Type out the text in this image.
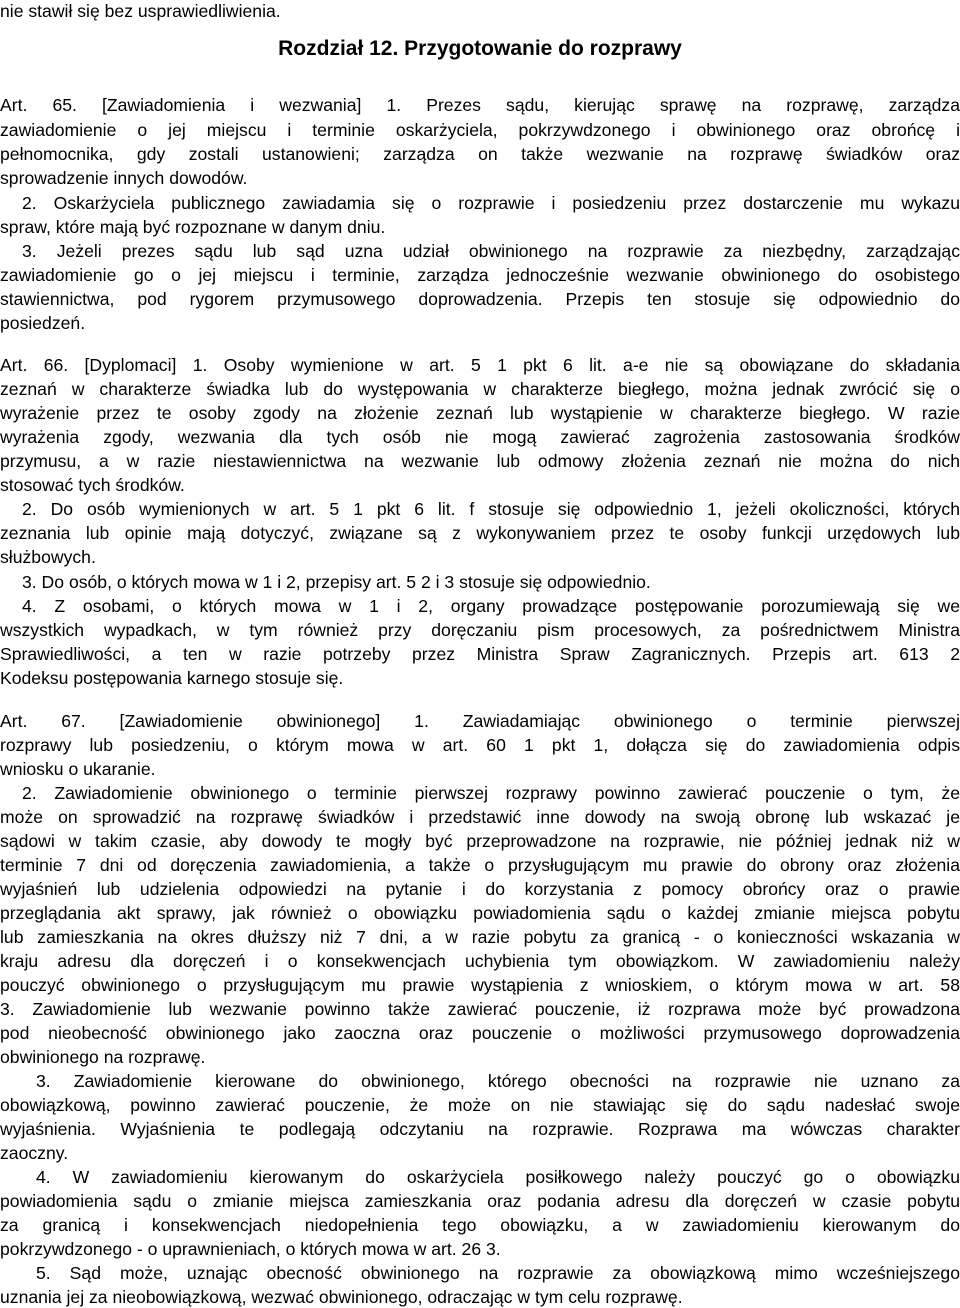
nie stawił się bez usprawiedliwienia.
Rozdział 12. Przygotowanie do rozprawy
Art. 65. [Zawiadomienia i wezwania] 1. Prezes sądu, kierując sprawę na rozprawę, zarządza
zawiadomienie o jej miejscu i terminie oskarżyciela, pokrzywdzonego i obwinionego oraz obrońcę i
pełnomocnika, gdy zostali ustanowieni; zarządza on także wezwanie na rozprawę świadków oraz
sprowadzenie innych dowodów.
2. Oskarżyciela publicznego zawiadamia się o rozprawie i posiedzeniu przez dostarczenie mu wykazu
spraw, które mają być rozpoznane w danym dniu.
3. Jeżeli prezes sądu lub sąd uzna udział obwinionego na rozprawie za niezbędny, zarządzając
zawiadomienie go o jej miejscu i terminie, zarządza jednocześnie wezwanie obwinionego do osobistego
stawiennictwa, pod rygorem przymusowego doprowadzenia. Przepis ten stosuje się odpowiednio do
posiedzeń.
Art. 66. [Dyplomaci] 1. Osoby wymienione w art. 5 1 pkt 6 lit. a-e nie są obowiązane do składania
zeznań w charakterze świadka lub do występowania w charakterze biegłego, można jednak zwrócić się o
wyrażenie przez te osoby zgody na złożenie zeznań lub wystąpienie w charakterze biegłego. W razie
wyrażenia zgody, wezwania dla tych osób nie mogą zawierać zagrożenia zastosowania środków
przymusu, a w razie niestawiennictwa na wezwanie lub odmowy złożenia zeznań nie można do nich
stosować tych środków.
2. Do osób wymienionych w art. 5 1 pkt 6 lit. f stosuje się odpowiednio 1, jeżeli okoliczności, których
zeznania lub opinie mają dotyczyć, związane są z wykonywaniem przez te osoby funkcji urzędowych lub
służbowych.
3. Do osób, o których mowa w 1 i 2, przepisy art. 5 2 i 3 stosuje się odpowiednio.
4. Z osobami, o których mowa w 1 i 2, organy prowadzące postępowanie porozumiewają się we
wszystkich wypadkach, w tym również przy doręczaniu pism procesowych, za pośrednictwem Ministra
Sprawiedliwości, a ten w razie potrzeby przez Ministra Spraw Zagranicznych. Przepis art. 613 2
Kodeksu postępowania karnego stosuje się.
Art. 67. [Zawiadomienie obwinionego] 1. Zawiadamiając obwinionego o terminie pierwszej
rozprawy lub posiedzeniu, o którym mowa w art. 60 1 pkt 1, dołącza się do zawiadomienia odpis
wniosku o ukaranie.
2. Zawiadomienie obwinionego o terminie pierwszej rozprawy powinno zawierać pouczenie o tym, że
może on sprowadzić na rozprawę świadków i przedstawić inne dowody na swoją obronę lub wskazać je
sądowi w takim czasie, aby dowody te mogły być przeprowadzone na rozprawie, nie później jednak niż w
terminie 7 dni od doręczenia zawiadomienia, a także o przysługującym mu prawie do obrony oraz złożenia
wyjaśnień lub udzielenia odpowiedzi na pytanie i do korzystania z pomocy obrońcy oraz o prawie
przeglądania akt sprawy, jak również o obowiązku powiadomienia sądu o każdej zmianie miejsca pobytu
lub zamieszkania na okres dłuższy niż 7 dni, a w razie pobytu za granicą - o konieczności wskazania w
kraju adresu dla doręczeń i o konsekwencjach uchybienia tym obowiązkom. W zawiadomieniu należy
pouczyć obwinionego o przysługującym mu prawie wystąpienia z wnioskiem, o którym mowa w art. 58
3. Zawiadomienie lub wezwanie powinno także zawierać pouczenie, iż rozprawa może być prowadzona
pod nieobecność obwinionego jako zaoczna oraz pouczenie o możliwości przymusowego doprowadzenia
obwinionego na rozprawę.
3. Zawiadomienie kierowane do obwinionego, którego obecności na rozprawie nie uznano za
obowiązkową, powinno zawierać pouczenie, że może on nie stawiając się do sądu nadesłać swoje
wyjaśnienia. Wyjaśnienia te podlegają odczytaniu na rozprawie. Rozprawa ma wówczas charakter
zaoczny.
4. W zawiadomieniu kierowanym do oskarżyciela posiłkowego należy pouczyć go o obowiązku
powiadomienia sądu o zmianie miejsca zamieszkania oraz podania adresu dla doręczeń w czasie pobytu
za granicą i konsekwencjach niedopełnienia tego obowiązku, a w zawiadomieniu kierowanym do
pokrzywdzonego - o uprawnieniach, o których mowa w art. 26 3.
5. Sąd może, uznając obecność obwinionego na rozprawie za obowiązkową mimo wcześniejszego
uznania jej za nieobowiązkową, wezwać obwinionego, odraczając w tym celu rozprawę.
